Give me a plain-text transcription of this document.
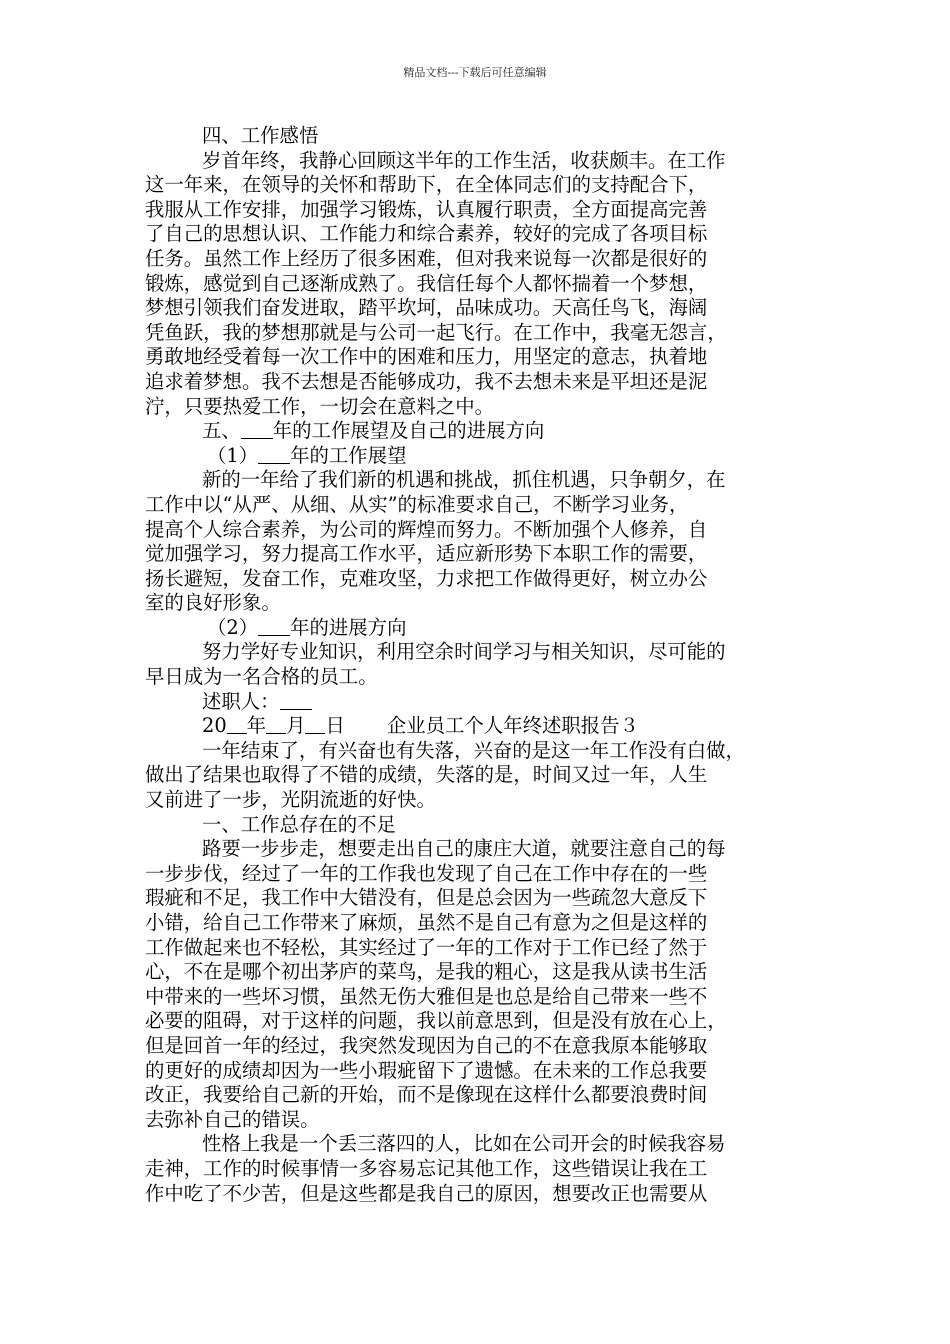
精品文档---下载后可任意编辑
四、工作感悟
岁首年终，我静心回顾这半年的工作生活，收获颇丰。在工作
这一年来，在领导的关怀和帮助下，在全体同志们的支持配合下，
我服从工作安排，加强学习锻炼，认真履行职责，全方面提高完善
了自己的思想认识、工作能力和综合素养，较好的完成了各项目标
任务。虽然工作上经历了很多困难，但对我来说每一次都是很好的
锻炼，感觉到自己逐渐成熟了。我信任每个人都怀揣着一个梦想，
梦想引领我们奋发进取，踏平坎坷，品味成功。天高任鸟飞，海阔
凭鱼跃，我的梦想那就是与公司一起飞行。在工作中，我毫无怨言，
勇敢地经受着每一次工作中的困难和压力，用坚定的意志，执着地
追求着梦想。我不去想是否能够成功，我不去想未来是平坦还是泥
泞，只要热爱工作，一切会在意料之中。
五、 年的工作展望及自己的进展方向
（1） 年的工作展望
新的一年给了我们新的机遇和挑战，抓住机遇，只争朝夕，在
工作中以“从严、从细、从实”的标准要求自己，不断学习业务，
提高个人综合素养，为公司的辉煌而努力。不断加强个人修养，自
觉加强学习，努力提高工作水平，适应新形势下本职工作的需要，
扬长避短，发奋工作，克难攻坚，力求把工作做得更好，树立办公
室的良好形象。
（2） 年的进展方向
努力学好专业知识，利用空余时间学习与相关知识，尽可能的
早日成为一名合格的员工。
述职人：
20 年 月 日 企业员工个人年终述职报告３
一年结束了，有兴奋也有失落，兴奋的是这一年工作没有白做，
做出了结果也取得了不错的成绩，失落的是，时间又过一年，人生
又前进了一步，光阴流逝的好快。
一、工作总存在的不足
路要一步步走，想要走出自己的康庄大道，就要注意自己的每
一步步伐，经过了一年的工作我也发现了自己在工作中存在的一些
瑕疵和不足，我工作中大错没有，但是总会因为一些疏忽大意反下
小错，给自己工作带来了麻烦，虽然不是自己有意为之但是这样的
工作做起来也不轻松，其实经过了一年的工作对于工作已经了然于
心，不在是哪个初出茅庐的菜鸟，是我的粗心，这是我从读书生活
中带来的一些坏习惯，虽然无伤大雅但是也总是给自己带来一些不
必要的阻碍，对于这样的问题，我以前意思到，但是没有放在心上，
但是回首一年的经过，我突然发现因为自己的不在意我原本能够取
的更好的成绩却因为一些小瑕疵留下了遗憾。在未来的工作总我要
改正，我要给自己新的开始，而不是像现在这样什么都要浪费时间
去弥补自己的错误。
性格上我是一个丢三落四的人，比如在公司开会的时候我容易
走神，工作的时候事情一多容易忘记其他工作，这些错误让我在工
作中吃了不少苦，但是这些都是我自己的原因，想要改正也需要从
